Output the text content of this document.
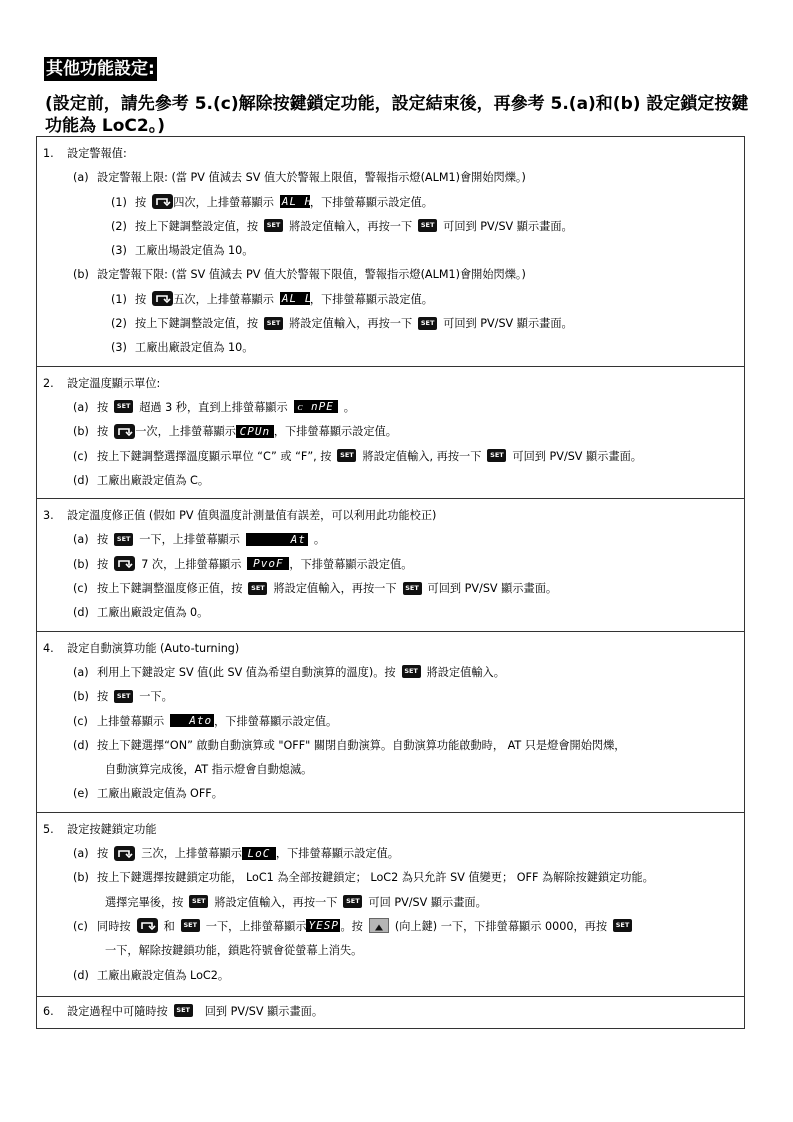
其他功能設定:
(設定前，請先參考 5.(c)解除按鍵鎖定功能，設定結束後，再參考 5.(a)和(b) 設定鎖定按鍵功能為 LoC2。)
1. 設定警報值:
(a) 設定警報上限: (當 PV 值減去 SV 值大於警報上限值，警報指示燈(ALM1)會開始閃爍。)
(1) 按 四次，上排螢幕顯示 AL H，下排螢幕顯示設定值。
(2) 按上下鍵調整設定值，按 SET 將設定值輸入，再按一下 SET 可回到 PV/SV 顯示畫面。
(3) 工廠出場設定值為 10。
(b) 設定警報下限: (當 SV 值減去 PV 值大於警報下限值，警報指示燈(ALM1)會開始閃爍。)
(1) 按 五次，上排螢幕顯示 AL L，下排螢幕顯示設定值。
(2) 按上下鍵調整設定值，按 SET 將設定值輸入，再按一下 SET 可回到 PV/SV 顯示畫面。
(3) 工廠出廠設定值為 10。

2. 設定溫度顯示單位:
(a) 按 SET 超過 3 秒，直到上排螢幕顯示 ᴄ nPE 。
(b) 按 一次，上排螢幕顯示 CPUn ，下排螢幕顯示設定值。
(c) 按上下鍵調整選擇溫度顯示單位 “C” 或 “F”, 按 SET 將設定值輸入, 再按一下 SET 可回到 PV/SV 顯示畫面。
(d) 工廠出廠設定值為 C。

3. 設定溫度修正值 (假如 PV 值與溫度計測量值有誤差，可以利用此功能校正)
(a) 按 SET 一下，上排螢幕顯示	At 。
(b) 按	7 次，上排螢幕顯示 PvoF ，下排螢幕顯示設定值。
(c) 按上下鍵調整溫度修正值，按 SET 將設定值輸入，再按一下 SET 可回到 PV/SV 顯示畫面。
(d) 工廠出廠設定值為 0。

4. 設定自動演算功能 (Auto-turning)
(a) 利用上下鍵設定 SV 值(此 SV 值為希望自動演算的溫度)。按 SET 將設定值輸入。
(b) 按 SET 一下。
(c) 上排螢幕顯示 Ato ，下排螢幕顯示設定值。
(d) 按上下鍵選擇“ON” 啟動自動演算或 "OFF" 關閉自動演算。自動演算功能啟動時， AT 只是燈會開始閃爍，
自動演算完成後，AT 指示燈會自動熄滅。
(e) 工廠出廠設定值為 OFF。

5. 設定按鍵鎖定功能
(a) 按	三次，上排螢幕顯示 LoC ，下排螢幕顯示設定值。
(b) 按上下鍵選擇按鍵鎖定功能， LoC1 為全部按鍵鎖定； LoC2 為只允許 SV 值變更； OFF 為解除按鍵鎖定功能。
選擇完畢後，按 SET 將設定值輸入，再按一下 SET 可回 PV/SV 顯示畫面。
(c) 同時按	和 SET 一下，上排螢幕顯示 YESP 。按	(向上鍵) 一下，下排螢幕顯示 0000，再按 SET
一下，解除按鍵鎖功能，鎖匙符號會從螢幕上消失。
(d) 工廠出廠設定值為 LoC2。

6. 設定過程中可隨時按 SET 回到 PV/SV 顯示畫面。
